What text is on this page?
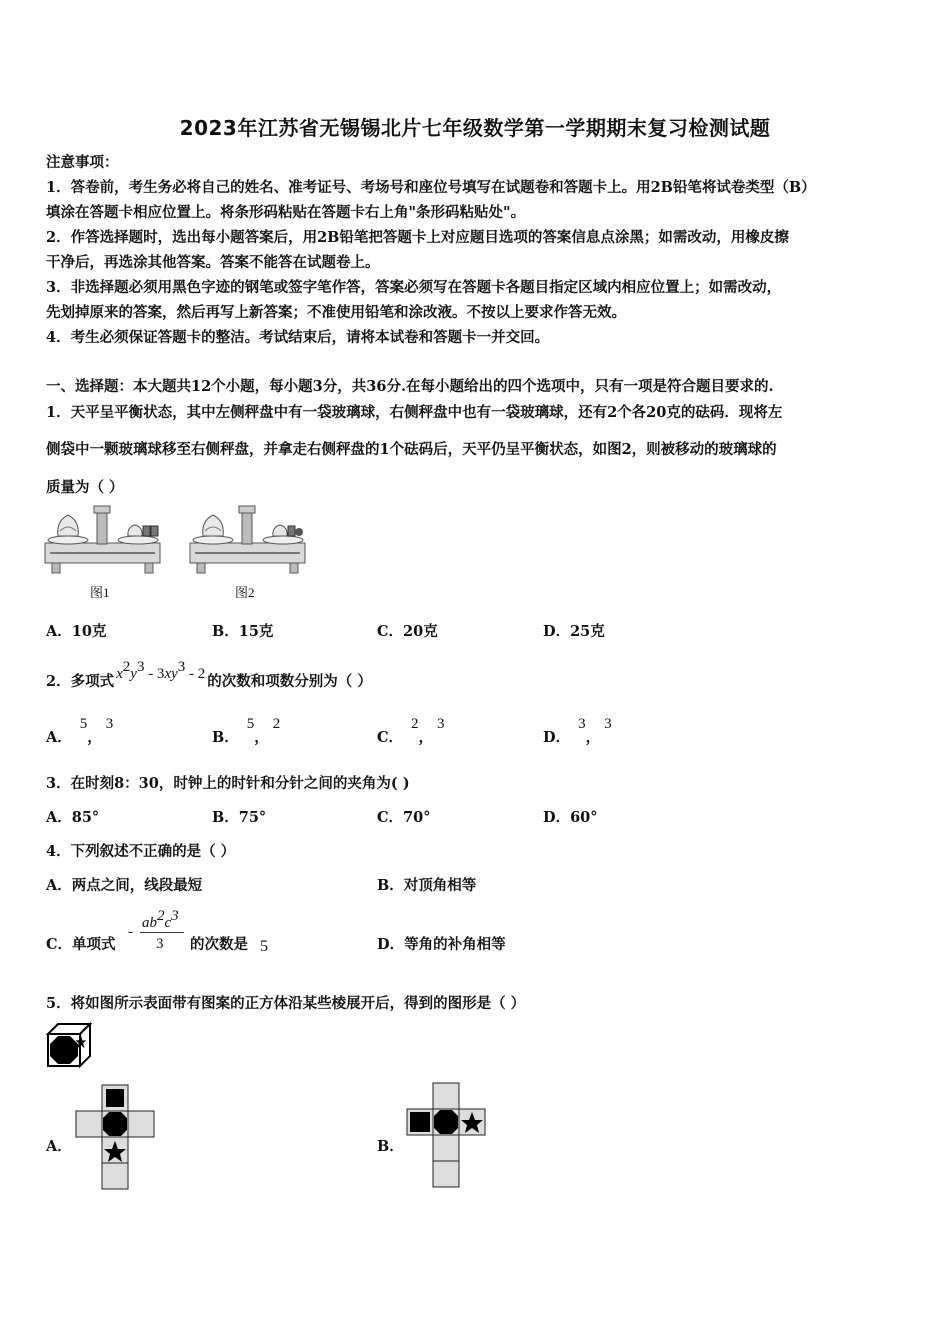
2023年江苏省无锡锡北片七年级数学第一学期期末复习检测试题
注意事项：
1．答卷前，考生务必将自己的姓名、准考证号、考场号和座位号填写在试题卷和答题卡上。用2B铅笔将试卷类型（B）
填涂在答题卡相应位置上。将条形码粘贴在答题卡右上角"条形码粘贴处"。
2．作答选择题时，选出每小题答案后，用2B铅笔把答题卡上对应题目选项的答案信息点涂黑；如需改动，用橡皮擦
干净后，再选涂其他答案。答案不能答在试题卷上。
3．非选择题必须用黑色字迹的钢笔或签字笔作答，答案必须写在答题卡各题目指定区域内相应位置上；如需改动，
先划掉原来的答案，然后再写上新答案；不准使用铅笔和涂改液。不按以上要求作答无效。
4．考生必须保证答题卡的整洁。考试结束后，请将本试卷和答题卡一并交回。
一、选择题：本大题共12个小题，每小题3分，共36分.在每小题给出的四个选项中，只有一项是符合题目要求的.
1．天平呈平衡状态，其中左侧秤盘中有一袋玻璃球，右侧秤盘中也有一袋玻璃球，还有2个各20克的砝码．现将左
侧袋中一颗玻璃球移至右侧秤盘，并拿走右侧秤盘的1个砝码后，天平仍呈平衡状态，如图2，则被移动的玻璃球的
质量为（ ）
图1	图2
A．10克	B．15克	C．20克	D．25克
2．多项式 $x^2y^3 - 3xy^3 - 2$ 的次数和项数分别为（ ）
A．5，3
B．5，2
C．2，3
D．3，3
3．在时刻8：30，时钟上的时针和分针之间的夹角为( )
A．85°	B．75°	C．70°	D．60°
4．下列叙述不正确的是（ ）
A．两点之间，线段最短	B．对顶角相等
C．单项式
-
$ab^2c^3$
3 的次数是 5	D．等角的补角相等
5．将如图所示表面带有图案的正方体沿某些棱展开后，得到的图形是（ ）
A．	B．
